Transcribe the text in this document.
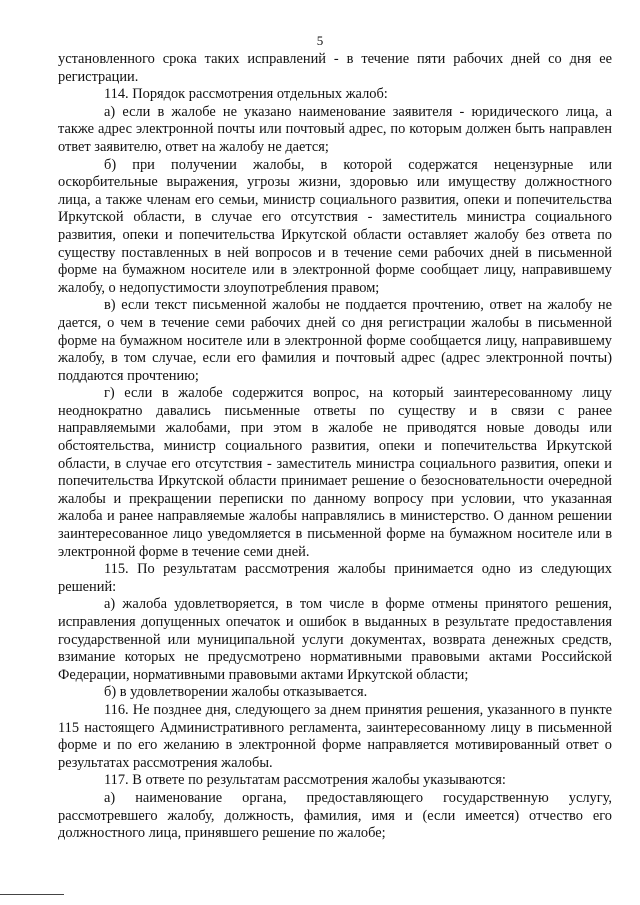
5

установленного срока таких исправлений - в течение пяти рабочих дней со дня ее регистрации.

114. Порядок рассмотрения отдельных жалоб:

а) если в жалобе не указано наименование заявителя - юридического лица, а также адрес электронной почты или почтовый адрес, по которым должен быть направлен ответ заявителю, ответ на жалобу не дается;

б) при получении жалобы, в которой содержатся нецензурные или оскорбительные выражения, угрозы жизни, здоровью или имуществу должностного лица, а также членам его семьи, министр социального развития, опеки и попечительства Иркутской области, в случае его отсутствия - заместитель министра социального развития, опеки и попечительства Иркутской области оставляет жалобу без ответа по существу поставленных в ней вопросов и в течение семи рабочих дней в письменной форме на бумажном носителе или в электронной форме сообщает лицу, направившему жалобу, о недопустимости злоупотребления правом;

в) если текст письменной жалобы не поддается прочтению, ответ на жалобу не дается, о чем в течение семи рабочих дней со дня регистрации жалобы в письменной форме на бумажном носителе или в электронной форме сообщается лицу, направившему жалобу, в том случае, если его фамилия и почтовый адрес (адрес электронной почты) поддаются прочтению;

г) если в жалобе содержится вопрос, на который заинтересованному лицу неоднократно давались письменные ответы по существу и в связи с ранее направляемыми жалобами, при этом в жалобе не приводятся новые доводы или обстоятельства, министр социального развития, опеки и попечительства Иркутской области, в случае его отсутствия - заместитель министра социального развития, опеки и попечительства Иркутской области принимает решение о безосновательности очередной жалобы и прекращении переписки по данному вопросу при условии, что указанная жалоба и ранее направляемые жалобы направлялись в министерство. О данном решении заинтересованное лицо уведомляется в письменной форме на бумажном носителе или в электронной форме в течение семи дней.

115. По результатам рассмотрения жалобы принимается одно из следующих решений:

а) жалоба удовлетворяется, в том числе в форме отмены принятого решения, исправления допущенных опечаток и ошибок в выданных в результате предоставления государственной или муниципальной услуги документах, возврата денежных средств, взимание которых не предусмотрено нормативными правовыми актами Российской Федерации, нормативными правовыми актами Иркутской области;

б) в удовлетворении жалобы отказывается.

116. Не позднее дня, следующего за днем принятия решения, указанного в пункте 115 настоящего Административного регламента, заинтересованному лицу в письменной форме и по его желанию в электронной форме направляется мотивированный ответ о результатах рассмотрения жалобы.

117. В ответе по результатам рассмотрения жалобы указываются:

а) наименование органа, предоставляющего государственную услугу, рассмотревшего жалобу, должность, фамилия, имя и (если имеется) отчество его должностного лица, принявшего решение по жалобе;
